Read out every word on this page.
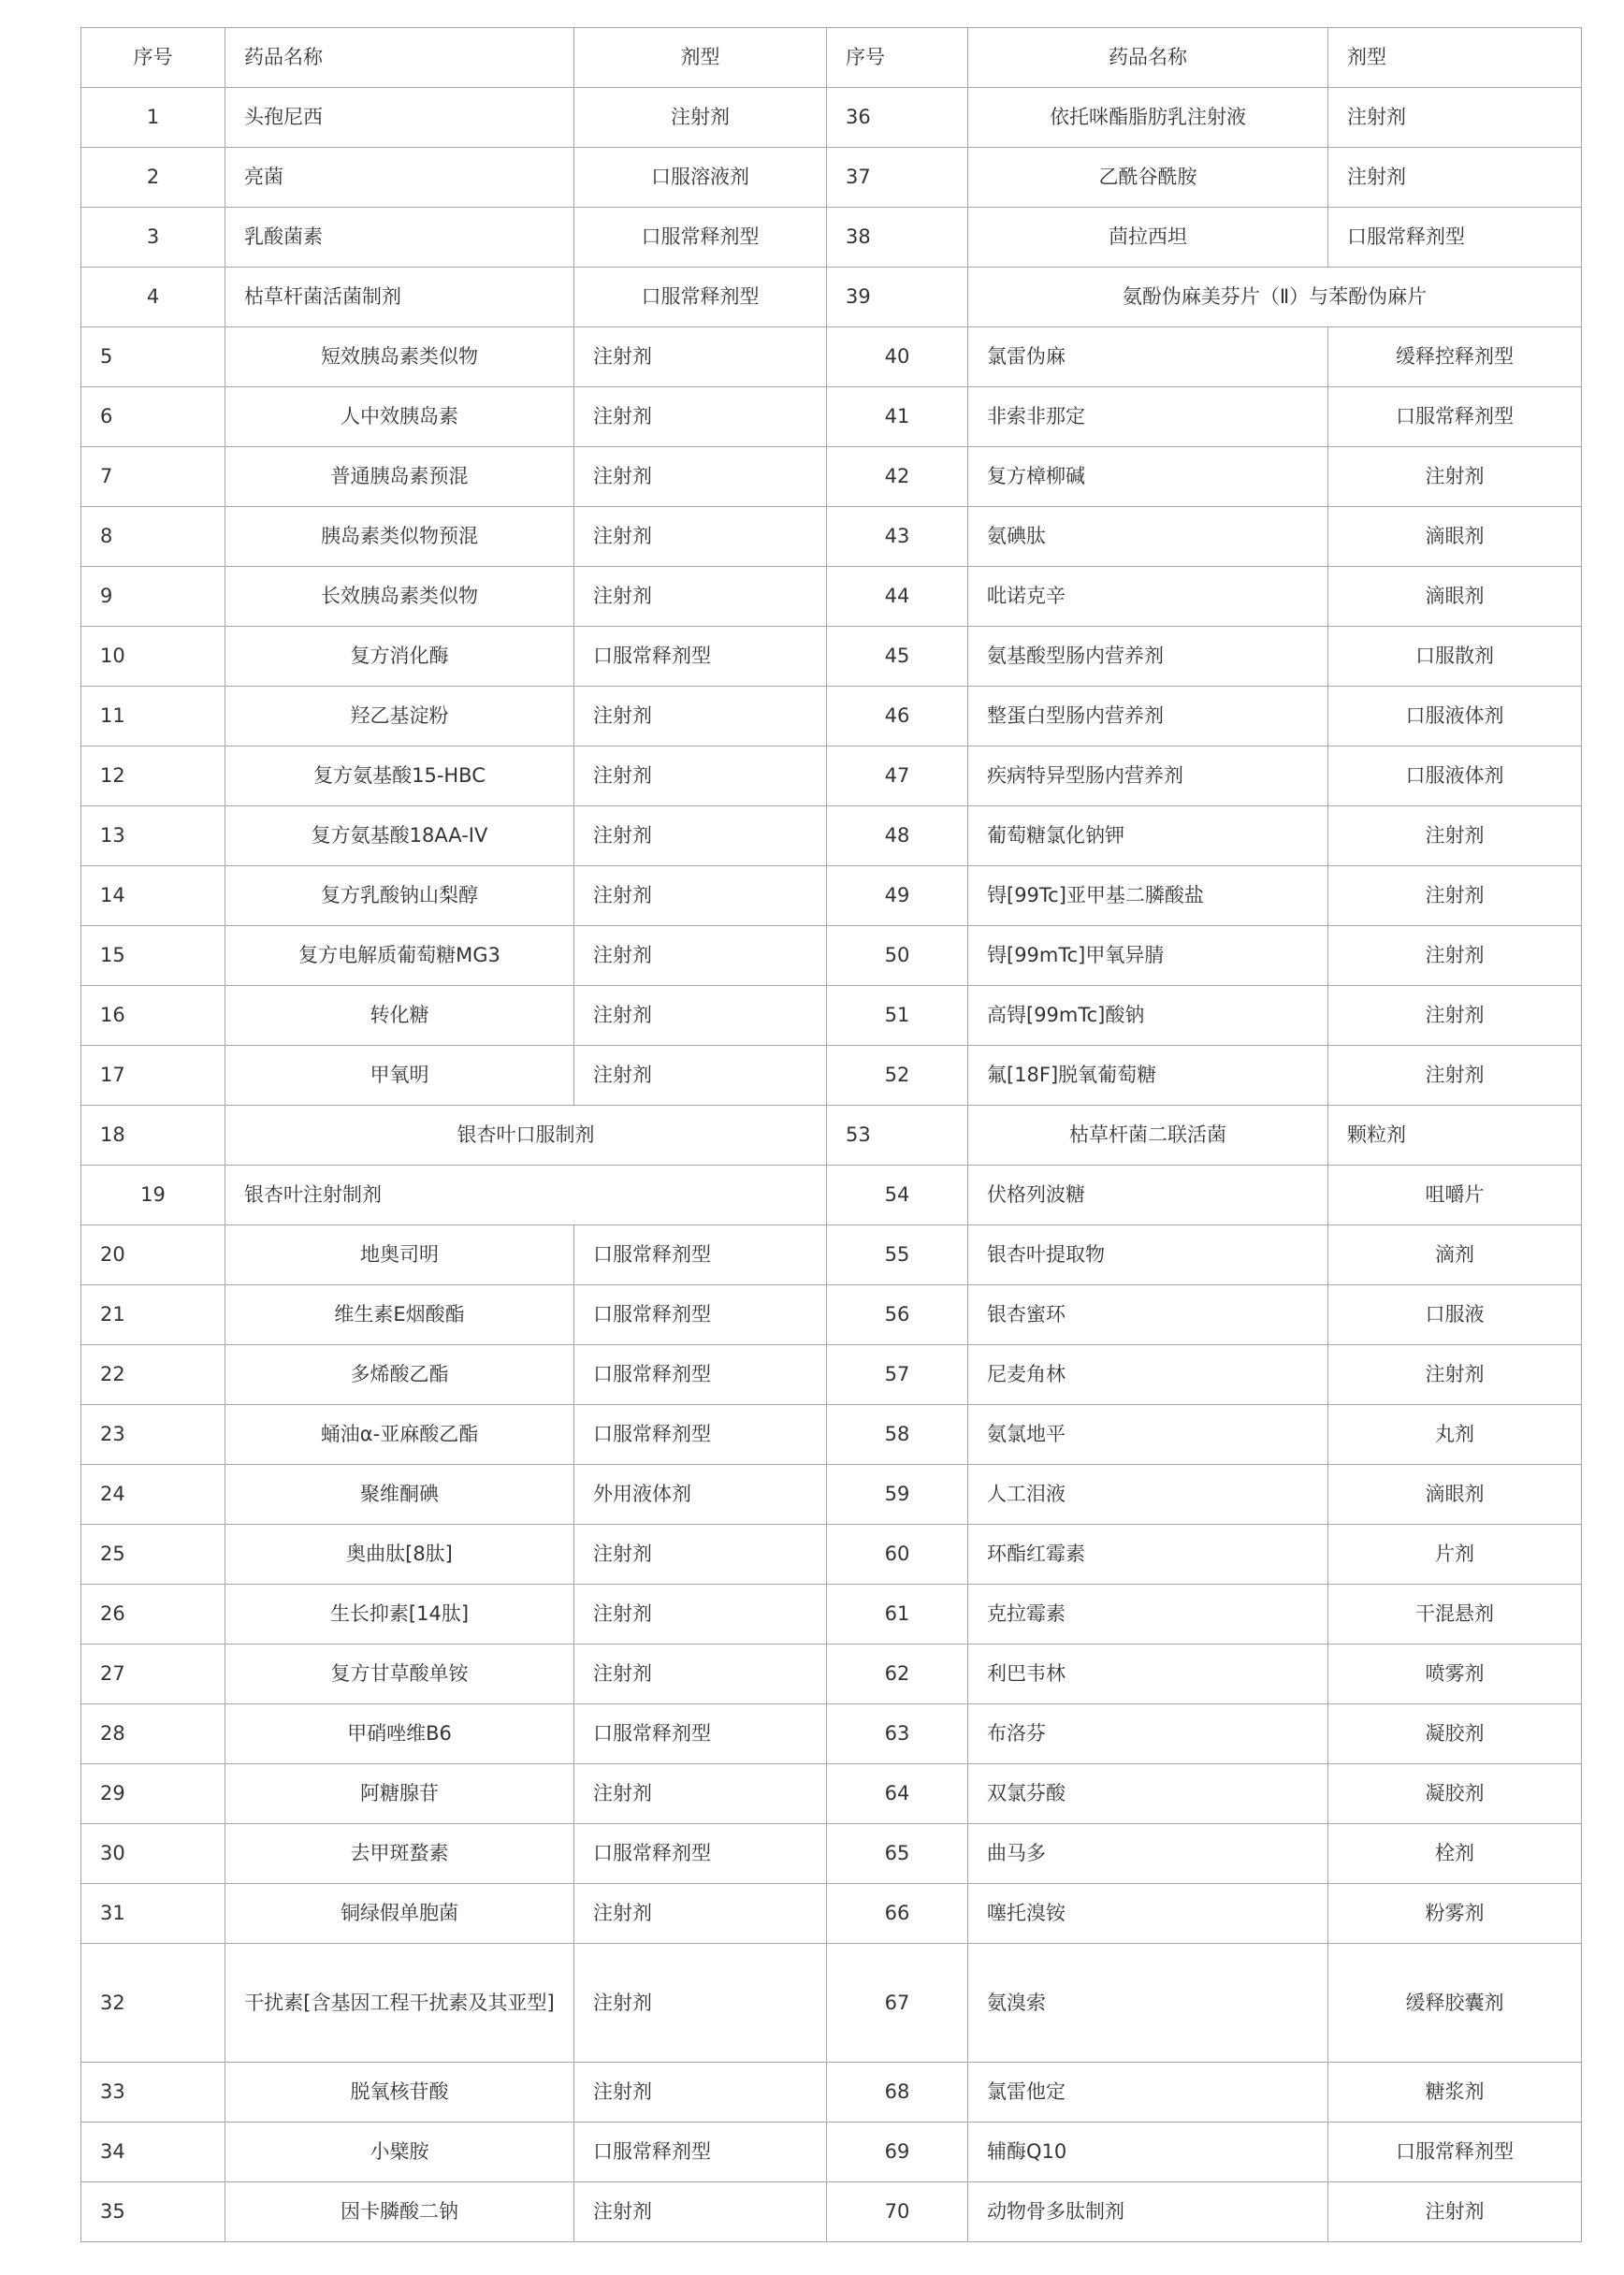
序号	药品名称	剂型	序号	药品名称	剂型
1	头孢尼西	注射剂	36	依托咪酯脂肪乳注射液	注射剂
2	亮菌	口服溶液剂	37	乙酰谷酰胺	注射剂
3	乳酸菌素	口服常释剂型	38	茴拉西坦	口服常释剂型
4	枯草杆菌活菌制剂	口服常释剂型	39	氨酚伪麻美芬片（Ⅱ）与苯酚伪麻片	
5	短效胰岛素类似物	注射剂	40	氯雷伪麻	缓释控释剂型
6	人中效胰岛素	注射剂	41	非索非那定	口服常释剂型
7	普通胰岛素预混	注射剂	42	复方樟柳碱	注射剂
8	胰岛素类似物预混	注射剂	43	氨碘肽	滴眼剂
9	长效胰岛素类似物	注射剂	44	吡诺克辛	滴眼剂
10	复方消化酶	口服常释剂型	45	氨基酸型肠内营养剂	口服散剂
11	羟乙基淀粉	注射剂	46	整蛋白型肠内营养剂	口服液体剂
12	复方氨基酸15-HBC	注射剂	47	疾病特异型肠内营养剂	口服液体剂
13	复方氨基酸18AA-IV	注射剂	48	葡萄糖氯化钠钾	注射剂
14	复方乳酸钠山梨醇	注射剂	49	锝[99Tc]亚甲基二膦酸盐	注射剂
15	复方电解质葡萄糖MG3	注射剂	50	锝[99mTc]甲氧异腈	注射剂
16	转化糖	注射剂	51	高锝[99mTc]酸钠	注射剂
17	甲氧明	注射剂	52	氟[18F]脱氧葡萄糖	注射剂
18	银杏叶口服制剂		53	枯草杆菌二联活菌	颗粒剂
19	银杏叶注射制剂		54	伏格列波糖	咀嚼片
20	地奥司明	口服常释剂型	55	银杏叶提取物	滴剂
21	维生素E烟酸酯	口服常释剂型	56	银杏蜜环	口服液
22	多烯酸乙酯	口服常释剂型	57	尼麦角林	注射剂
23	蛹油α-亚麻酸乙酯	口服常释剂型	58	氨氯地平	丸剂
24	聚维酮碘	外用液体剂	59	人工泪液	滴眼剂
25	奥曲肽[8肽]	注射剂	60	环酯红霉素	片剂
26	生长抑素[14肽]	注射剂	61	克拉霉素	干混悬剂
27	复方甘草酸单铵	注射剂	62	利巴韦林	喷雾剂
28	甲硝唑维B6	口服常释剂型	63	布洛芬	凝胶剂
29	阿糖腺苷	注射剂	64	双氯芬酸	凝胶剂
30	去甲斑蝥素	口服常释剂型	65	曲马多	栓剂
31	铜绿假单胞菌	注射剂	66	噻托溴铵	粉雾剂
32	干扰素[含基因工程干扰素及其亚型]	注射剂	67	氨溴索	缓释胶囊剂
33	脱氧核苷酸	注射剂	68	氯雷他定	糖浆剂
34	小檗胺	口服常释剂型	69	辅酶Q10	口服常释剂型
35	因卡膦酸二钠	注射剂	70	动物骨多肽制剂	注射剂
